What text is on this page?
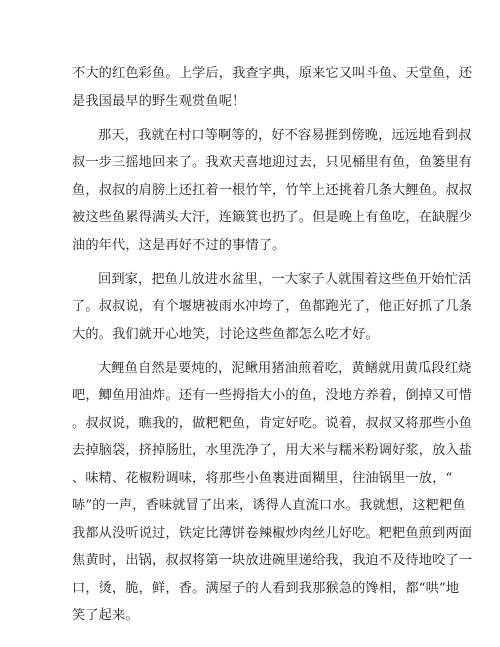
不大的红色彩鱼。上学后，我查字典，原来它又叫斗鱼、天堂鱼，还
是我国最早的野生观赏鱼呢！
那天，我就在村口等啊等的，好不容易捱到傍晚，远远地看到叔
叔一步三摇地回来了。我欢天喜地迎过去，只见桶里有鱼，鱼篓里有
鱼，叔叔的肩膀上还扛着一根竹竿，竹竿上还挑着几条大鲤鱼。叔叔
被这些鱼累得满头大汗，连簸箕也扔了。但是晚上有鱼吃，在缺腥少
油的年代，这是再好不过的事情了。
回到家，把鱼儿放进水盆里，一大家子人就围着这些鱼开始忙活
了。叔叔说，有个堰塘被雨水冲垮了，鱼都跑光了，他正好抓了几条
大的。我们就开心地笑，讨论这些鱼都怎么吃才好。
大鲤鱼自然是要炖的，泥鳅用猪油煎着吃，黄鳝就用黄瓜段红烧
吧，鲫鱼用油炸。还有一些拇指大小的鱼，没地方养着，倒掉又可惜
。叔叔说，瞧我的，做粑粑鱼，肯定好吃。说着，叔叔又将那些小鱼
去掉脑袋，挤掉肠肚，水里洗净了，用大米与糯米粉调好浆，放入盐
、味精、花椒粉调味，将那些小鱼裹进面糊里，往油锅里一放，“
哧”的一声，香味就冒了出来，诱得人直流口水。我就想，这粑粑鱼
我都从没听说过，铁定比薄饼卷辣椒炒肉丝儿好吃。粑粑鱼煎到两面
焦黄时，出锅，叔叔将第一块放进碗里递给我，我迫不及待地咬了一
口，烫，脆，鲜，香。满屋子的人看到我那猴急的馋相，都“哄”地
笑了起来。
